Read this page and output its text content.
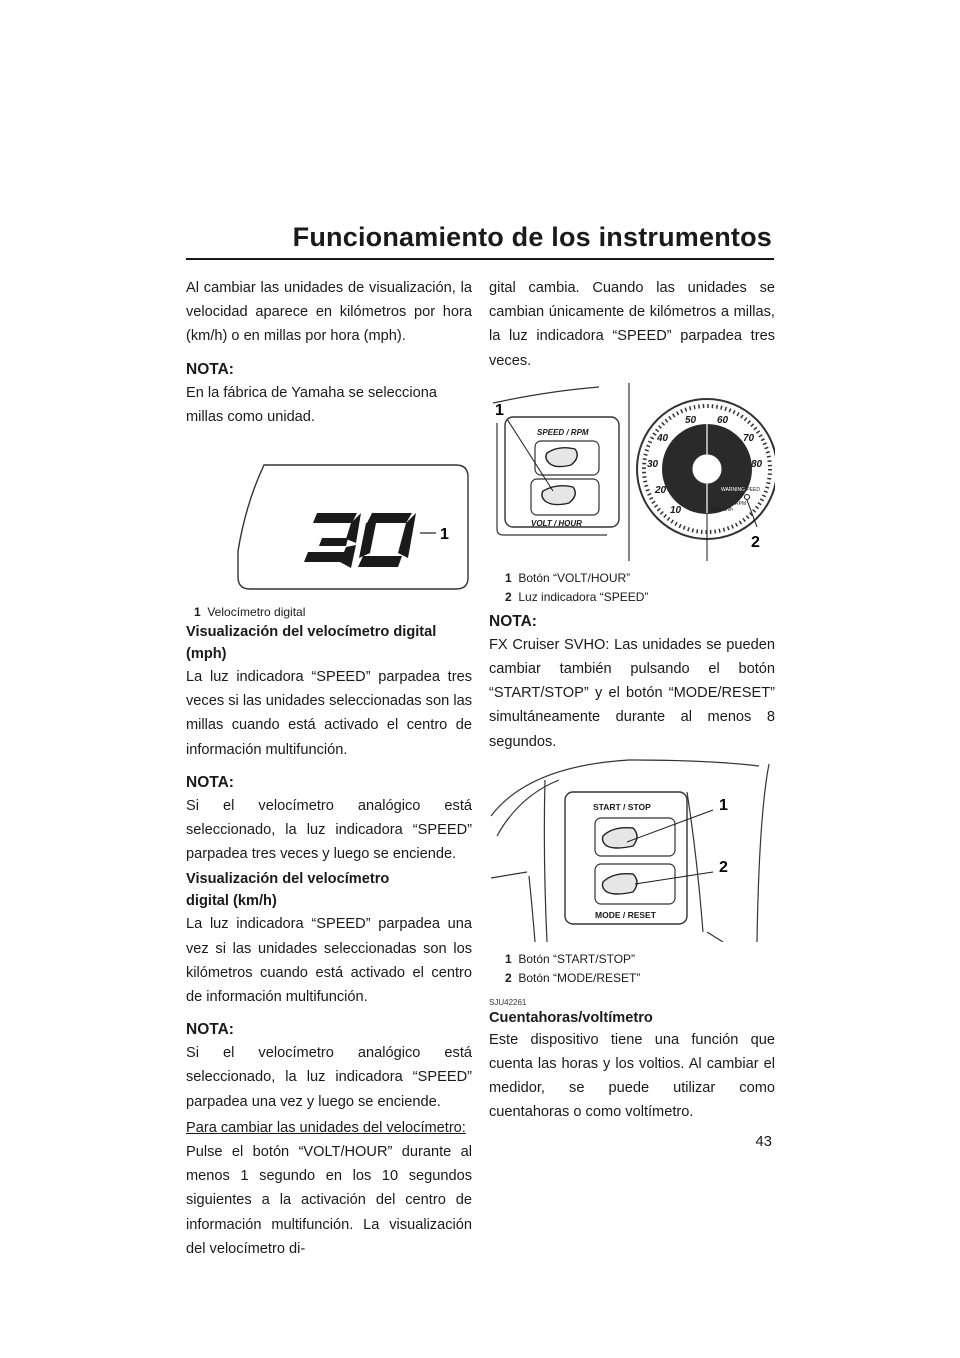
Funcionamiento de los instrumentos

Al cambiar las unidades de visualización, la velocidad aparece en kilómetros por hora (km/h) o en millas por hora (mph).

NOTA:

En la fábrica de Yamaha se selecciona millas como unidad.

1

1 Velocímetro digital

Visualización del velocímetro digital (mph)

La luz indicadora “SPEED” parpadea tres veces si las unidades seleccionadas son las millas cuando está activado el centro de información multifunción.

NOTA:

Si el velocímetro analógico está seleccionado, la luz indicadora “SPEED” parpadea tres veces y luego se enciende.

Visualización del velocímetro digital (km/h)

La luz indicadora “SPEED” parpadea una vez si las unidades seleccionadas son los kilómetros cuando está activado el centro de información multifunción.

NOTA:

Si el velocímetro analógico está seleccionado, la luz indicadora “SPEED” parpadea una vez y luego se enciende.

Para cambiar las unidades del velocímetro:

Pulse el botón “VOLT/HOUR” durante al menos 1 segundo en los 10 segundos siguientes a la activación del centro de información multifunción. La visualización del velocímetro di-

gital cambia. Cuando las unidades se cambian únicamente de kilómetros a millas, la luz indicadora “SPEED” parpadea tres veces.

SPEED / RPM
VOLT / HOUR
1
10
20
30
40
50 60
70
80
WARNING
SPEED
mph km/h
RPM
2

1 Botón “VOLT/HOUR”

2 Luz indicadora “SPEED”

NOTA:

FX Cruiser SVHO: Las unidades se pueden cambiar también pulsando el botón “START/STOP” y el botón “MODE/RESET” simultáneamente durante al menos 8 segundos.

START / STOP
MODE / RESET
1
2

1 Botón “START/STOP”

2 Botón “MODE/RESET”

SJU42261

Cuentahoras/voltímetro

Este dispositivo tiene una función que cuenta las horas y los voltios. Al cambiar el medidor, se puede utilizar como cuentahoras o como voltímetro.

43
